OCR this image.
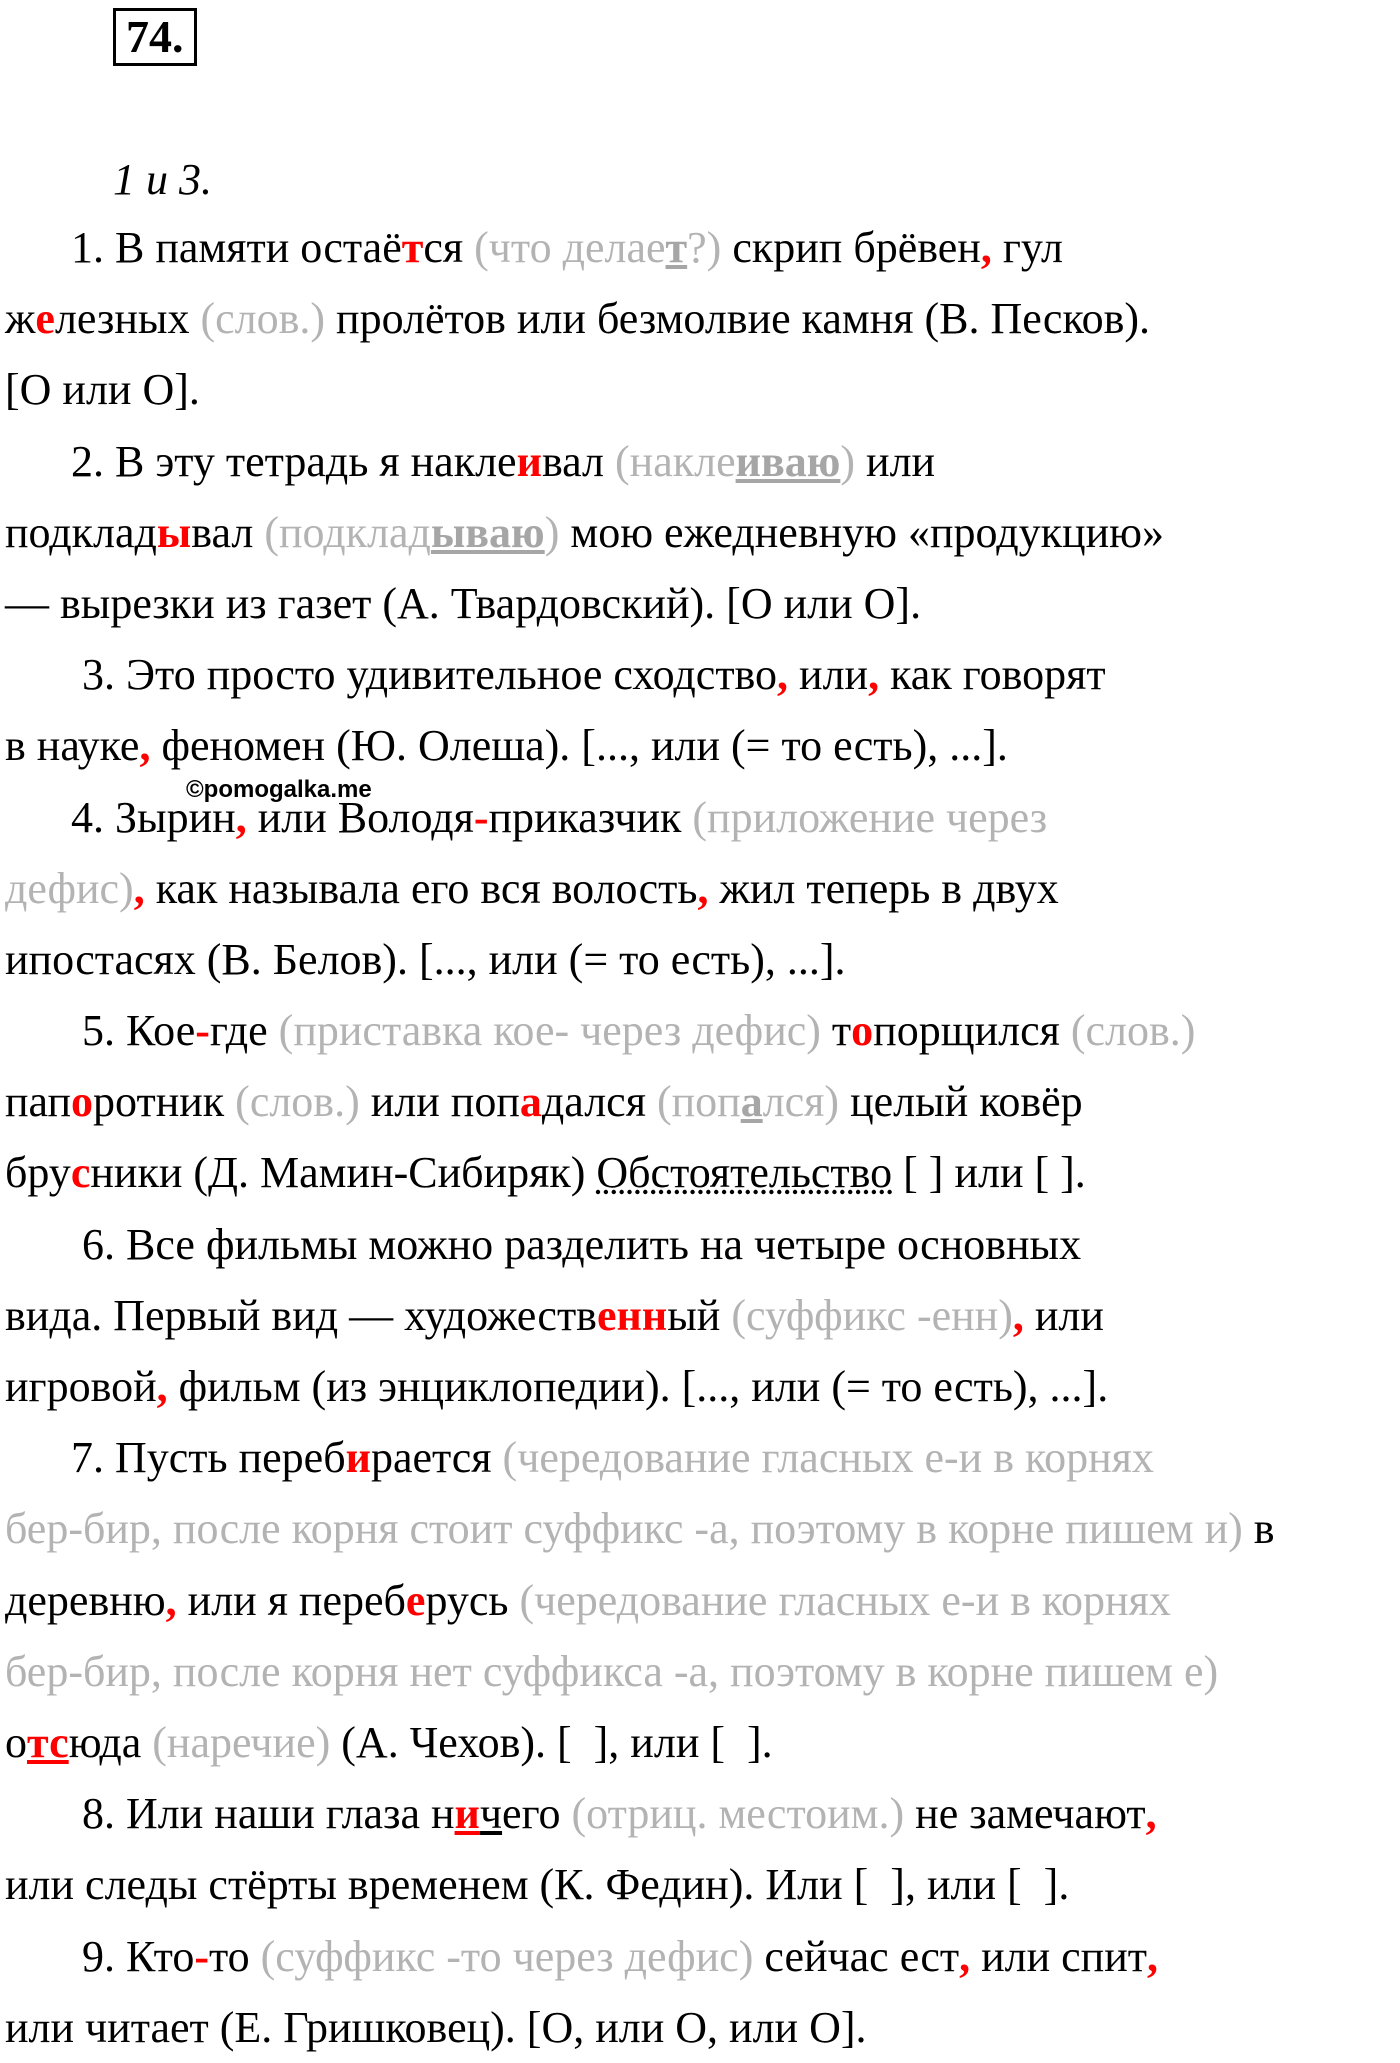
74.
1 и 3.
1. В памяти остаётся (что делает?) скрип брёвен, гул
железных (слов.) пролётов или безмолвие камня (В. Песков).
[О или О].
2. В эту тетрадь я наклеивал (наклеиваю) или
подкладывал (подкладываю) мою ежедневную «продукцию»
— вырезки из газет (А. Твардовский). [О или О].
3. Это просто удивительное сходство, или, как говорят
в науке, феномен (Ю. Олеша). [..., или (= то есть), ...].
4. Зырин, или Володя-приказчик (приложение через
дефис), как называла его вся волость, жил теперь в двух
ипостасях (В. Белов). [..., или (= то есть), ...].
5. Кое-где (приставка кое- через дефис) топорщился (слов.)
папоротник (слов.) или попадался (попался) целый ковёр
брусники (Д. Мамин-Сибиряк) Обстоятельство [ ] или [ ].
6. Все фильмы можно разделить на четыре основных
вида. Первый вид — художественный (суффикс -енн), или
игровой, фильм (из энциклопедии). [..., или (= то есть), ...].
7. Пусть перебирается (чередование гласных е-и в корнях
бер-бир, после корня стоит суффикс -а, поэтому в корне пишем и) в
деревню, или я переберусь (чередование гласных е-и в корнях
бер-бир, после корня нет суффикса -а, поэтому в корне пишем е)
отсюда (наречие) (А. Чехов). [  ], или [  ].
8. Или наши глаза ничего (отриц. местоим.) не замечают,
или следы стёрты временем (К. Федин). Или [  ], или [  ].
9. Кто-то (суффикс -то через дефис) сейчас ест, или спит,
или читает (Е. Гришковец). [О, или О, или О].
©pomogalka.me
